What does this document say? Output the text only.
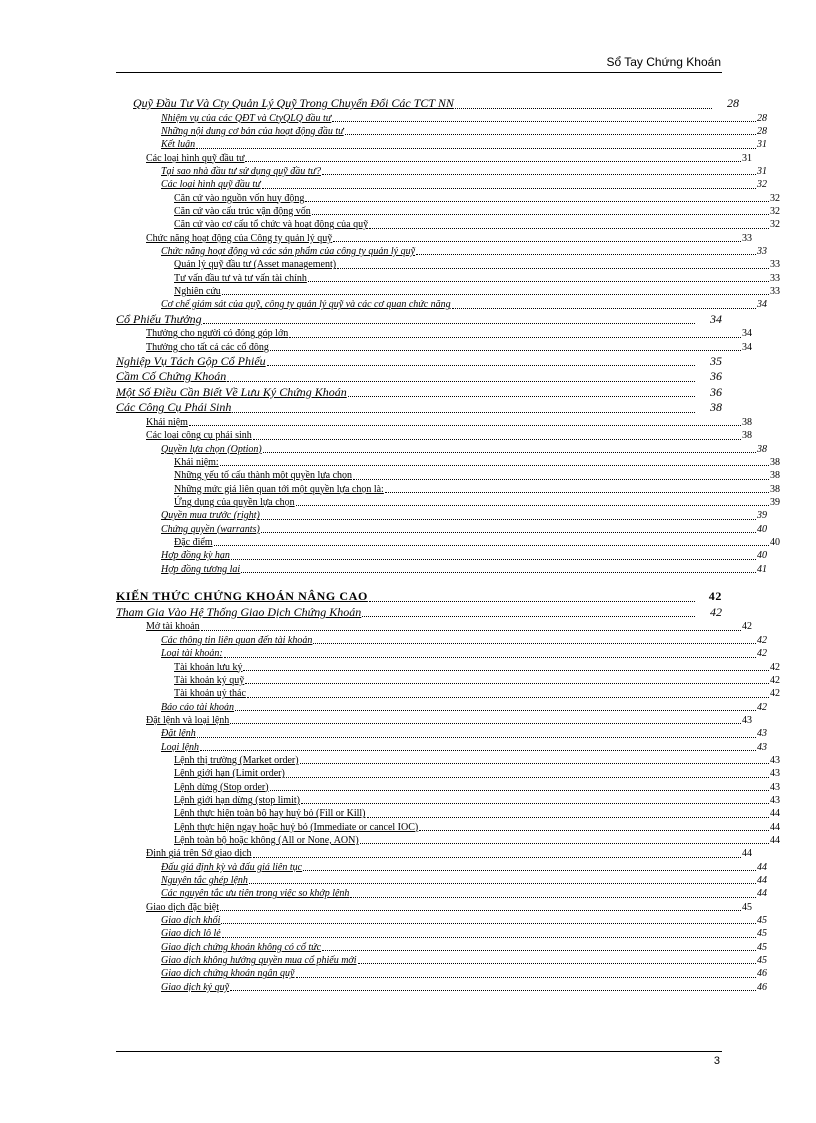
Sổ Tay Chứng Khoán
Quỹ Đầu Tư Và Cty Quản Lý Quỹ Trong Chuyển Đổi Các TCT NN	28
Nhiệm vụ của các QĐT và CtyQLQ đầu tư	28
Những nội dung cơ bản của hoạt động đầu tư	28
Kết luận	31
Các loại hình quỹ đầu tư	31
Tại sao nhà đầu tư sử dụng quỹ đầu tư?	31
Các loại hình quỹ đầu tư	32
Căn cứ vào nguồn vốn huy động	32
Căn cứ vào cấu trúc vận động vốn	32
Căn cứ vào cơ cấu tổ chức và hoạt động của quỹ	32
Chức năng hoạt động của Công ty quản lý quỹ	33
Chức năng hoạt động và các sản phẩm của công ty quản lý quỹ	33
Quản lý quỹ đầu tư (Asset management)	33
Tư vấn đầu tư và tư vấn tài chính	33
Nghiên cứu	33
Cơ chế giám sát của quỹ, công ty quản lý quỹ và các cơ quan chức năng	34
Cổ Phiếu Thưởng	34
Thưởng cho người có đóng góp lớn	34
Thưởng cho tất cả các cổ đông	34
Nghiệp Vụ Tách Gộp Cổ Phiếu	35
Cầm Cố Chứng Khoán	36
Một Số Điều Cần Biết Về Lưu Ký Chứng Khoán	36
Các Công Cụ Phái Sinh	38
Khái niệm	38
Các loại công cụ phái sinh	38
Quyền lựa chọn (Option)	38
Khái niệm:	38
Những yếu tố cấu thành một quyền lựa chọn	38
Những mức giá liên quan tới một quyền lựa chọn là:	38
Ứng dụng của quyền lựa chọn	39
Quyền mua trước (right)	39
Chứng quyền (warrants)	40
Đặc điểm	40
Hợp đồng kỳ hạn	40
Hợp đồng tương lai	41
KIẾN THỨC CHỨNG KHOÁN NÂNG CAO	42
Tham Gia Vào Hệ Thống Giao Dịch Chứng Khoán	42
Mở tài khoản	42
Các thông tin liên quan đến tài khoản	42
Loại tài khoản:	42
Tài khoản lưu ký	42
Tài khoản ký quỹ	42
Tài khoản uỷ thác	42
Báo cáo tài khoản	42
Đặt lệnh và loại lệnh	43
Đặt lệnh	43
Loại lệnh	43
Lệnh thị trường (Market order)	43
Lệnh giới hạn (Limit order)	43
Lệnh dừng (Stop order)	43
Lệnh giới hạn dừng (stop limit)	43
Lệnh thực hiện toàn bộ hay huỷ bỏ (Fill or Kill)	44
Lệnh thực hiện ngay hoặc huỷ bỏ (Immediate or cancel IOC)	44
Lệnh toàn bộ hoặc không (All or None, AON)	44
Định giá trên Sở giao dịch	44
Đấu giá định kỳ và đấu giá liên tục	44
Nguyên tắc ghép lệnh	44
Các nguyên tắc ưu tiên trong việc so khớp lệnh	44
Giao dịch đặc biệt	45
Giao dịch khối	45
Giao dịch lô lẻ	45
Giao dịch chứng khoán không có cổ tức	45
Giao dịch không hưởng quyền mua cổ phiếu mới	45
Giao dịch chứng khoán ngân quỹ	46
Giao dịch ký quỹ	46
3
